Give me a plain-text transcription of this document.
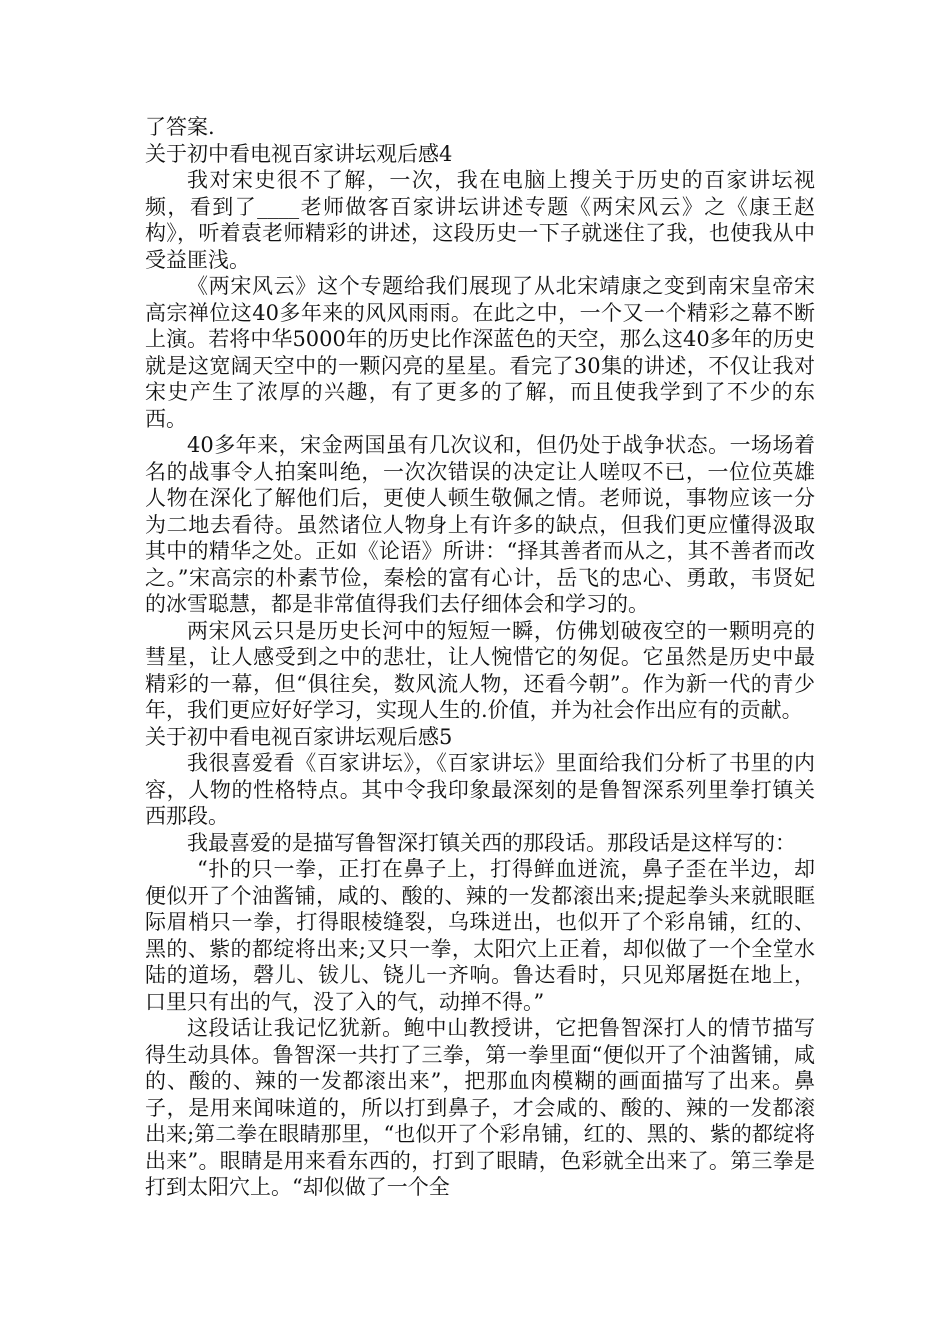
了答案.

关于初中看电视百家讲坛观后感4

我对宋史很不了解，一次，我在电脑上搜关于历史的百家讲坛视频，看到了____老师做客百家讲坛讲述专题《两宋风云》之《康王赵构》，听着袁老师精彩的讲述，这段历史一下子就迷住了我，也使我从中受益匪浅。

《两宋风云》这个专题给我们展现了从北宋靖康之变到南宋皇帝宋高宗禅位这40多年来的风风雨雨。在此之中，一个又一个精彩之幕不断上演。若将中华5000年的历史比作深蓝色的天空，那么这40多年的历史就是这宽阔天空中的一颗闪亮的星星。看完了30集的讲述，不仅让我对宋史产生了浓厚的兴趣，有了更多的了解，而且使我学到了不少的东西。

40多年来，宋金两国虽有几次议和，但仍处于战争状态。一场场着名的战事令人拍案叫绝，一次次错误的决定让人嗟叹不已，一位位英雄人物在深化了解他们后，更使人顿生敬佩之情。老师说，事物应该一分为二地去看待。虽然诸位人物身上有许多的缺点，但我们更应懂得汲取其中的精华之处。正如《论语》所讲：“择其善者而从之，其不善者而改之。”宋高宗的朴素节俭，秦桧的富有心计，岳飞的忠心、勇敢，韦贤妃的冰雪聪慧，都是非常值得我们去仔细体会和学习的。

两宋风云只是历史长河中的短短一瞬，仿佛划破夜空的一颗明亮的彗星，让人感受到之中的悲壮，让人惋惜它的匆促。它虽然是历史中最精彩的一幕，但“俱往矣，数风流人物，还看今朝”。作为新一代的青少年，我们更应好好学习，实现人生的.价值，并为社会作出应有的贡献。

关于初中看电视百家讲坛观后感5

我很喜爱看《百家讲坛》，《百家讲坛》里面给我们分析了书里的内容，人物的性格特点。其中令我印象最深刻的是鲁智深系列里拳打镇关西那段。

我最喜爱的是描写鲁智深打镇关西的那段话。那段话是这样写的：

“扑的只一拳，正打在鼻子上，打得鲜血迸流，鼻子歪在半边，却便似开了个油酱铺，咸的、酸的、辣的一发都滚出来;提起拳头来就眼眶际眉梢只一拳，打得眼棱缝裂，乌珠迸出，也似开了个彩帛铺，红的、黑的、紫的都绽将出来;又只一拳，太阳穴上正着，却似做了一个全堂水陆的道场，磬儿、钹儿、铙儿一齐响。鲁达看时，只见郑屠挺在地上，口里只有出的气，没了入的气，动掸不得。”

这段话让我记忆犹新。鲍中山教授讲，它把鲁智深打人的情节描写得生动具体。鲁智深一共打了三拳，第一拳里面“便似开了个油酱铺，咸的、酸的、辣的一发都滚出来”，把那血肉模糊的画面描写了出来。鼻子，是用来闻味道的，所以打到鼻子，才会咸的、酸的、辣的一发都滚出来;第二拳在眼睛那里，“也似开了个彩帛铺，红的、黑的、紫的都绽将出来”。眼睛是用来看东西的，打到了眼睛，色彩就全出来了。第三拳是打到太阳穴上。“却似做了一个全
